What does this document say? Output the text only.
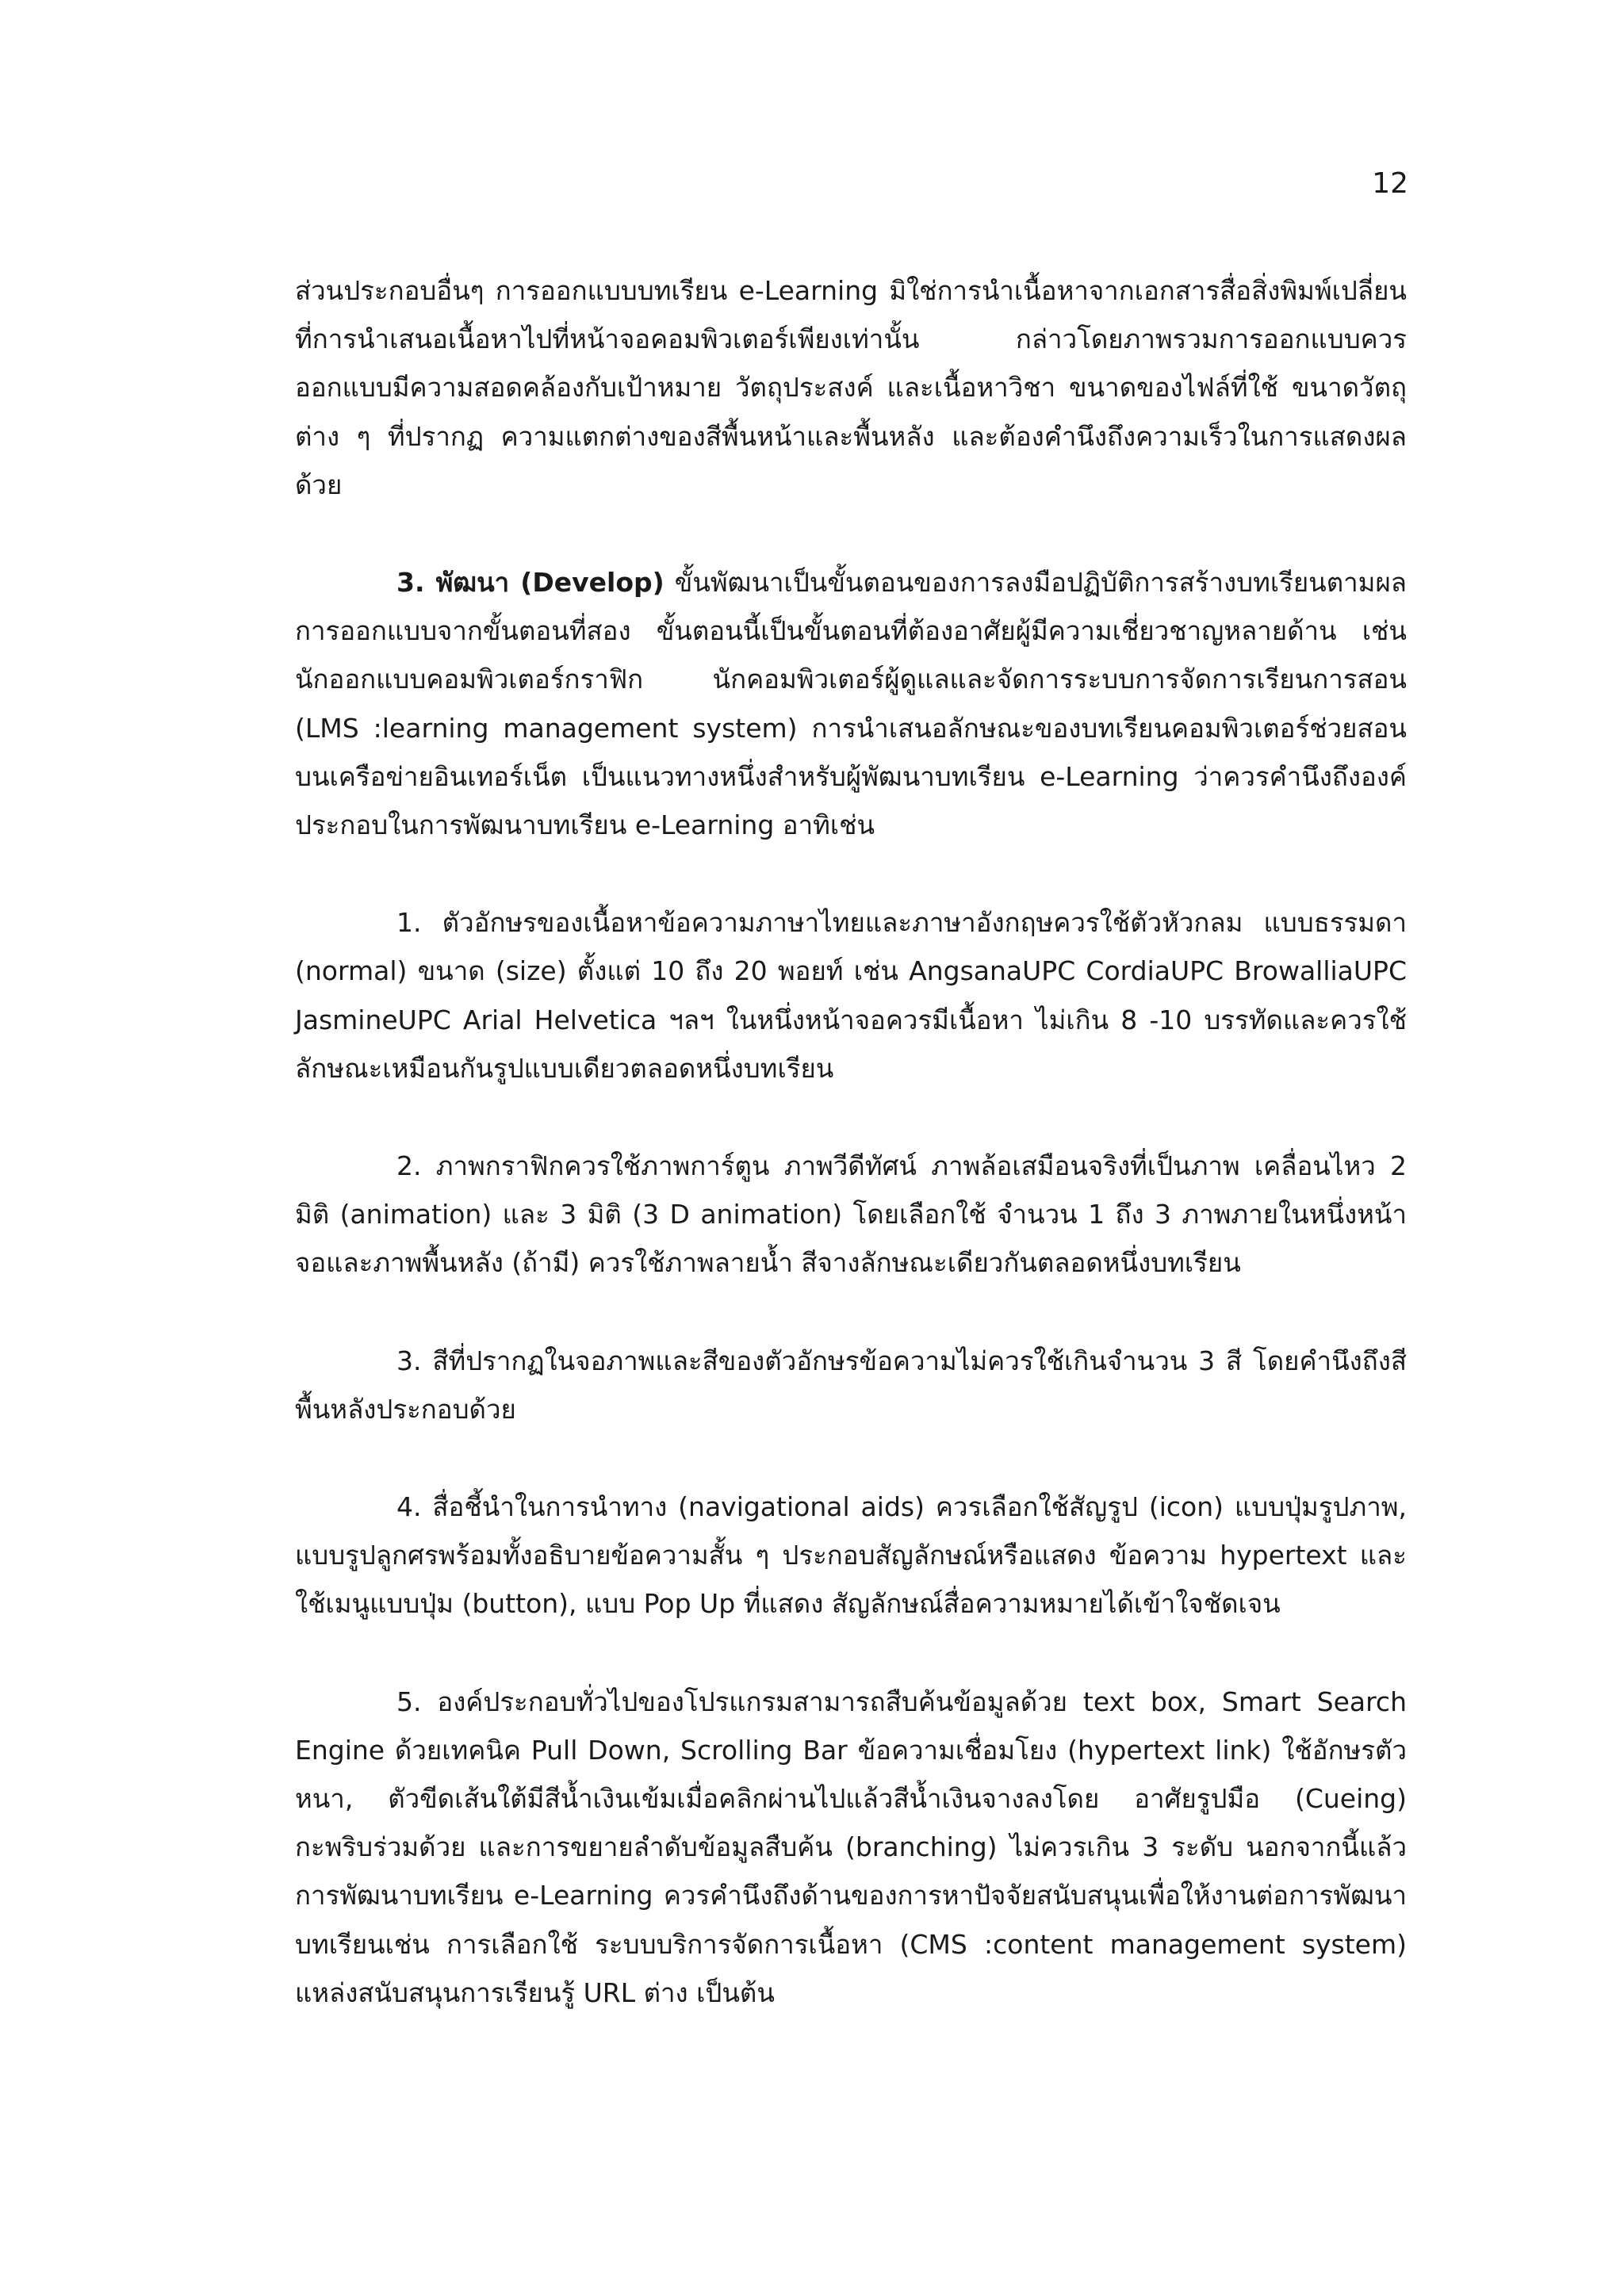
12

ส่วนประกอบอื่นๆ การออกแบบบทเรียน e-Learning มิใช่การนำเนื้อหาจากเอกสารสื่อสิ่งพิมพ์เปลี่ยนที่การนำเสนอเนื้อหาไปที่หน้าจอคอมพิวเตอร์เพียงเท่านั้น กล่าวโดยภาพรวมการออกแบบควรออกแบบมีความสอดคล้องกับเป้าหมาย วัตถุประสงค์ และเนื้อหาวิชา ขนาดของไฟล์ที่ใช้ ขนาดวัตถุต่าง ๆ ที่ปรากฏ ความแตกต่างของสีพื้นหน้าและพื้นหลัง และต้องคำนึงถึงความเร็วในการแสดงผลด้วย

3. พัฒนา (Develop) ขั้นพัฒนาเป็นขั้นตอนของการลงมือปฏิบัติการสร้างบทเรียนตามผลการออกแบบจากขั้นตอนที่สอง ขั้นตอนนี้เป็นขั้นตอนที่ต้องอาศัยผู้มีความเชี่ยวชาญหลายด้าน เช่น นักออกแบบคอมพิวเตอร์กราฟิก นักคอมพิวเตอร์ผู้ดูแลและจัดการระบบการจัดการเรียนการสอน (LMS :learning management system) การนำเสนอลักษณะของบทเรียนคอมพิวเตอร์ช่วยสอนบนเครือข่ายอินเทอร์เน็ต เป็นแนวทางหนึ่งสำหรับผู้พัฒนาบทเรียน e-Learning ว่าควรคำนึงถึงองค์ประกอบในการพัฒนาบทเรียน e-Learning อาทิเช่น

1. ตัวอักษรของเนื้อหาข้อความภาษาไทยและภาษาอังกฤษควรใช้ตัวหัวกลม แบบธรรมดา (normal) ขนาด (size) ตั้งแต่ 10 ถึง 20 พอยท์ เช่น AngsanaUPC CordiaUPC BrowalliaUPC JasmineUPC Arial Helvetica ฯลฯ ในหนึ่งหน้าจอควรมีเนื้อหา ไม่เกิน 8 -10 บรรทัดและควรใช้ลักษณะเหมือนกันรูปแบบเดียวตลอดหนึ่งบทเรียน

2. ภาพกราฟิกควรใช้ภาพการ์ตูน ภาพวีดีทัศน์ ภาพล้อเสมือนจริงที่เป็นภาพ เคลื่อนไหว 2 มิติ (animation) และ 3 มิติ (3 D animation) โดยเลือกใช้ จำนวน 1 ถึง 3 ภาพภายในหนึ่งหน้าจอและภาพพื้นหลัง (ถ้ามี) ควรใช้ภาพลายน้ำ สีจางลักษณะเดียวกันตลอดหนึ่งบทเรียน

3. สีที่ปรากฏในจอภาพและสีของตัวอักษรข้อความไม่ควรใช้เกินจำนวน 3 สี โดยคำนึงถึงสีพื้นหลังประกอบด้วย

4. สื่อชี้นำในการนำทาง (navigational aids) ควรเลือกใช้สัญรูป (icon) แบบปุ่มรูปภาพ, แบบรูปลูกศรพร้อมทั้งอธิบายข้อความสั้น ๆ ประกอบสัญลักษณ์หรือแสดง ข้อความ hypertext และใช้เมนูแบบปุ่ม (button), แบบ Pop Up ที่แสดง สัญลักษณ์สื่อความหมายได้เข้าใจชัดเจน

5. องค์ประกอบทั่วไปของโปรแกรมสามารถสืบค้นข้อมูลด้วย text box, Smart Search Engine ด้วยเทคนิค Pull Down, Scrolling Bar ข้อความเชื่อมโยง (hypertext link) ใช้อักษรตัวหนา, ตัวขีดเส้นใต้มีสีน้ำเงินเข้มเมื่อคลิกผ่านไปแล้วสีน้ำเงินจางลงโดย อาศัยรูปมือ (Cueing) กะพริบร่วมด้วย และการขยายลำดับข้อมูลสืบค้น (branching) ไม่ควรเกิน 3 ระดับ นอกจากนี้แล้ว การพัฒนาบทเรียน e-Learning ควรคำนึงถึงด้านของการหาปัจจัยสนับสนุนเพื่อให้งานต่อการพัฒนาบทเรียนเช่น การเลือกใช้ ระบบบริการจัดการเนื้อหา (CMS :content management system) แหล่งสนับสนุนการเรียนรู้ URL ต่าง เป็นต้น
